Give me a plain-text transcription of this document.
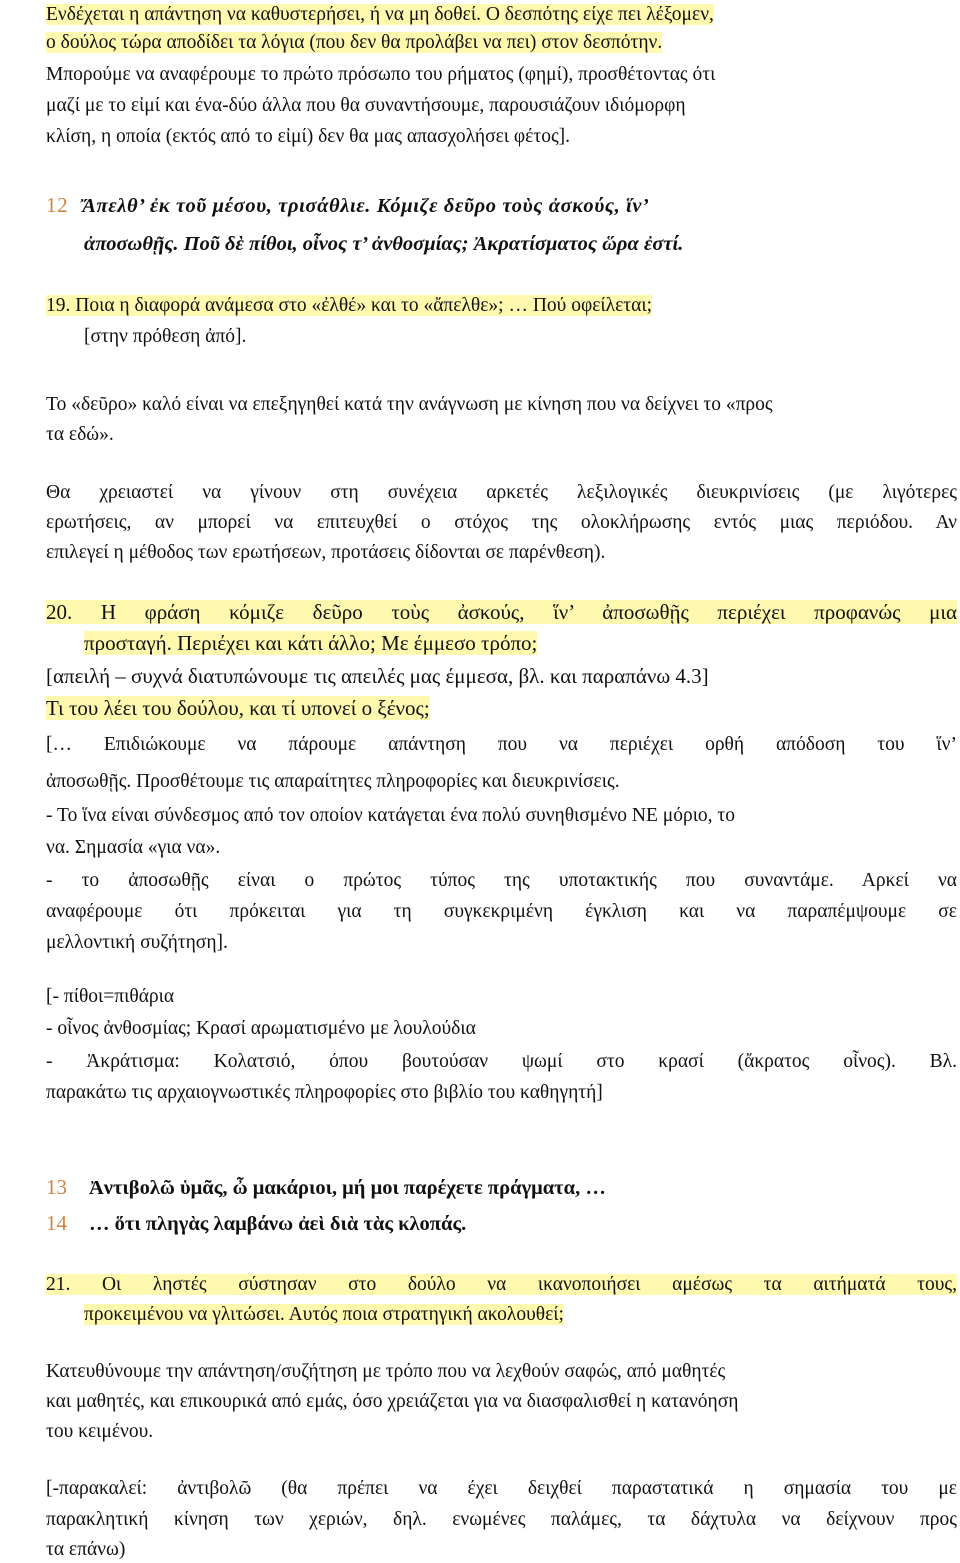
Ενδέχεται η απάντηση να καθυστερήσει, ή να μη δοθεί. Ο δεσπότης είχε πει λέξομεν,
ο δούλος τώρα αποδίδει τα λόγια (που δεν θα προλάβει να πει) στον δεσπότην.
Μπορούμε να αναφέρουμε το πρώτο πρόσωπο του ρήματος (φημί), προσθέτοντας ότι
μαζί με το εἰμί και ένα-δύο άλλα που θα συναντήσουμε, παρουσιάζουν ιδιόμορφη
κλίση, η οποία (εκτός από το εἰμί) δεν θα μας απασχολήσει φέτος].
12 Ἄπελθ’ ἐκ τοῦ μέσου, τρισάθλιε. Κόμιζε δεῦρο τοὺς ἀσκούς, ἵν’
ἀποσωθῇς. Ποῦ δὲ πίθοι, οἶνος τ’ ἀνθοσμίας; Ἀκρατίσματος ὥρα ἐστί.
19. Ποια η διαφορά ανάμεσα στο «ἐλθέ» και το «ἄπελθε»; … Πού οφείλεται;
[στην πρόθεση ἀπό].
Το «δεῦρο» καλό είναι να επεξηγηθεί κατά την ανάγνωση με κίνηση που να δείχνει το «προς
τα εδώ».
Θα χρειαστεί να γίνουν στη συνέχεια αρκετές λεξιλογικές διευκρινίσεις (με λιγότερες
ερωτήσεις, αν μπορεί να επιτευχθεί ο στόχος της ολοκλήρωσης εντός μιας περιόδου. Αν
επιλεγεί η μέθοδος των ερωτήσεων, προτάσεις δίδονται σε παρένθεση).
20. Η φράση κόμιζε δεῦρο τοὺς ἀσκούς, ἵν’ ἀποσωθῇς περιέχει προφανώς μια
προσταγή. Περιέχει και κάτι άλλο; Με έμμεσο τρόπο;
[απειλή – συχνά διατυπώνουμε τις απειλές μας έμμεσα, βλ. και παραπάνω 4.3]
Τι του λέει του δούλου, και τί υπονεί ο ξένος;
[… Επιδιώκουμε να πάρουμε απάντηση που να περιέχει ορθή απόδοση του ἵν’
ἀποσωθῇς. Προσθέτουμε τις απαραίτητες πληροφορίες και διευκρινίσεις.
- Το ἵνα είναι σύνδεσμος από τον οποίον κατάγεται ένα πολύ συνηθισμένο ΝΕ μόριο, το
να. Σημασία «για να».
- το ἀποσωθῇς είναι ο πρώτος τύπος της υποτακτικής που συναντάμε. Αρκεί να
αναφέρουμε ότι πρόκειται για τη συγκεκριμένη έγκλιση και να παραπέμψουμε σε
μελλοντική συζήτηση].
[- πίθοι=πιθάρια
- οἶνος ἀνθοσμίας; Κρασί αρωματισμένο με λουλούδια
- Ἀκράτισμα: Κολατσιό, όπου βουτούσαν ψωμί στο κρασί (ἄκρατος οἶνος). Βλ.
παρακάτω τις αρχαιογνωστικές πληροφορίες στο βιβλίο του καθηγητή]
13 Ἀντιβολῶ ὑμᾶς, ὦ μακάριοι, μή μοι παρέχετε πράγματα, …
14 … ὅτι πληγὰς λαμβάνω ἀεὶ διὰ τὰς κλοπάς.
21. Οι ληστές σύστησαν στο δούλο να ικανοποιήσει αμέσως τα αιτήματά τους,
προκειμένου να γλιτώσει. Αυτός ποια στρατηγική ακολουθεί;
Κατευθύνουμε την απάντηση/συζήτηση με τρόπο που να λεχθούν σαφώς, από μαθητές
και μαθητές, και επικουρικά από εμάς, όσο χρειάζεται για να διασφαλισθεί η κατανόηση
του κειμένου.
[-παρακαλεί: ἀντιβολῶ (θα πρέπει να έχει δειχθεί παραστατικά η σημασία του με
παρακλητική κίνηση των χεριών, δηλ. ενωμένες παλάμες, τα δάχτυλα να δείχνουν προς
τα επάνω)
